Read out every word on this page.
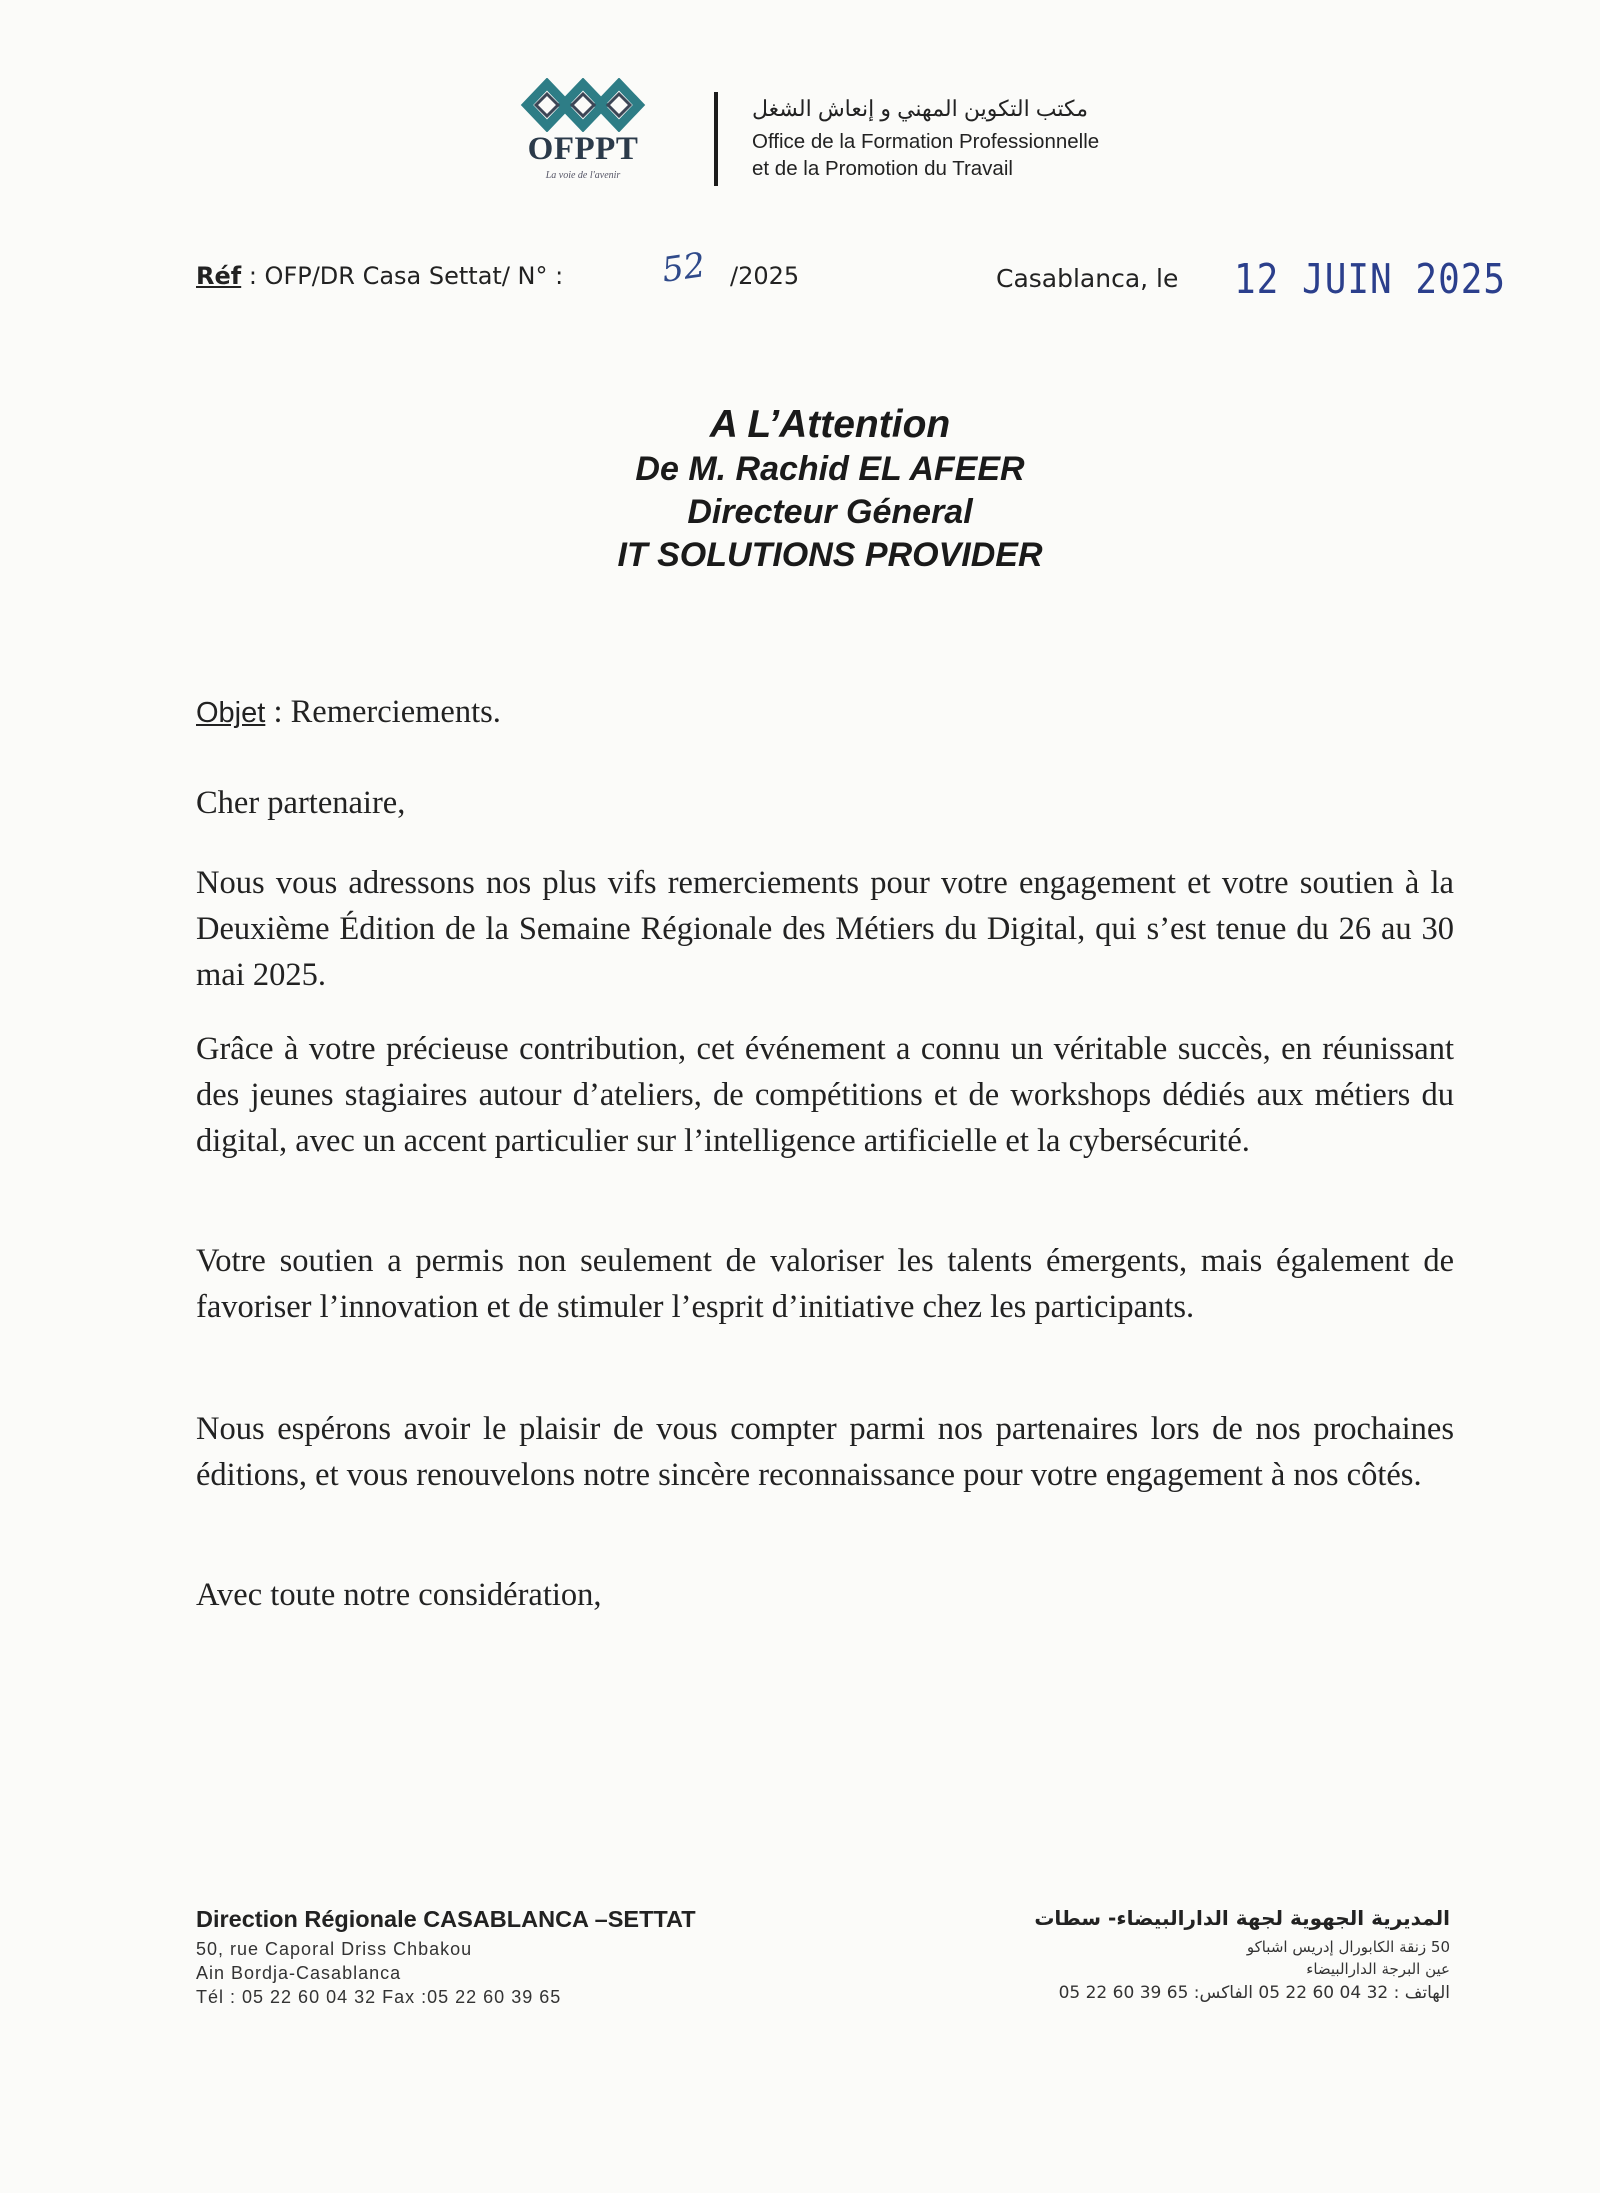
OFPPT
La voie de l'avenir
مكتب التكوين المهني و إنعاش الشغل
Office de la Formation Professionnelle
et de la Promotion du Travail
Réf : OFP/DR Casa Settat/ N° :	52 /2025	Casablanca, le 12 JUIN 2025
A L’Attention
De M. Rachid EL AFEER
Directeur Géneral
IT SOLUTIONS PROVIDER
Objet : Remerciements.
Cher partenaire,
Nous vous adressons nos plus vifs remerciements pour votre engagement et votre soutien à la Deuxième Édition de la Semaine Régionale des Métiers du Digital, qui s’est tenue du 26 au 30 mai 2025.
Grâce à votre précieuse contribution, cet événement a connu un véritable succès, en réunissant des jeunes stagiaires autour d’ateliers, de compétitions et de workshops dédiés aux métiers du digital, avec un accent particulier sur l’intelligence artificielle et la cybersécurité.
Votre soutien a permis non seulement de valoriser les talents émergents, mais également de favoriser l’innovation et de stimuler l’esprit d’initiative chez les participants.
Nous espérons avoir le plaisir de vous compter parmi nos partenaires lors de nos prochaines éditions, et vous renouvelons notre sincère reconnaissance pour votre engagement à nos côtés.
Avec toute notre considération,
Direction Régionale CASABLANCA –SETTAT
50, rue Caporal Driss Chbakou
Ain Bordja-Casablanca
Tél : 05 22 60 04 32 Fax :05 22 60 39 65
المديرية الجهوية لجهة الدارالبيضاء- سطات
50 زنقة الكابورال إدريس اشباكو
عين البرجة الدارالبيضاء
الهاتف : 32 04 60 22 05 الفاكس: 65 39 60 22 05
